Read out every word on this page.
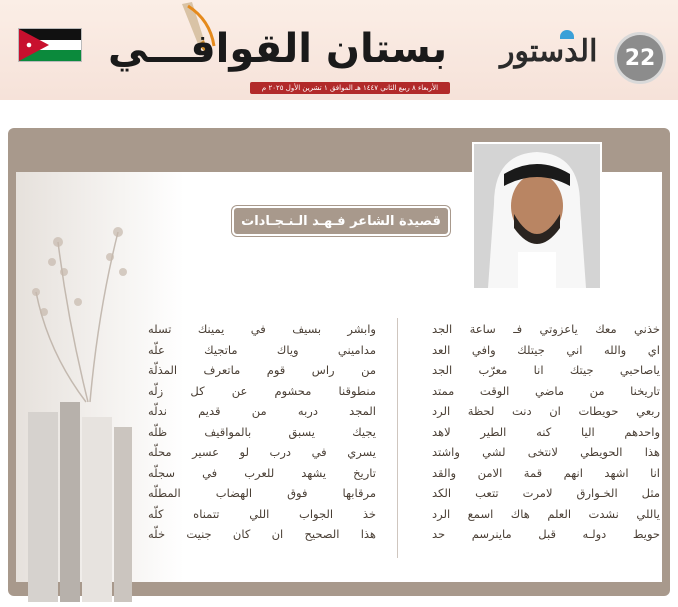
بستان القوافـــي الدستور	22
الأربعاء ٨ ربيع الثاني ١٤٤٧ هـ الموافق ١ تشرين الأول ٢٠٢٥ م
قصيدة الشاعر فـهـد الـنـجـادات
خذني معك ياعزوتي فـ ساعة الجد
اي والله اني جيتلك وافي العد
ياصاحبي جيتك انا معرّب الجد
تاريخنا من ماضي الوقت ممتد
ربعي حويطات ان دنت لحظة الرد
واحدهم اليا كنه الطير لاهد
هذا الحويطي لانتخى لشي واشتد
انا اشهد انهم قمة الامن والقد
مثل الخـوارق لامرت تتعب الكد
ياللي نشدت العلم هاك اسمع الرد
حويط دولـه قبل ماينرسم حد
وابشر بسيف في يمينك تسله
مداميني وياك ماتجيك علّه
من راس قوم ماتعرف المذلّة
منطوقنا محشوم عن كل زلّه
المجد دربه من قديم ندلّه
يجيك يسبق بالمواقيف ظلّه
يسري في درب لو عسير محلّه
تاريخ يشهد للعرب في سجلّه
مرقابها فوق الهضاب المطلّه
خذ الجواب اللي تتمناه كلّه
هذا الصحيح ان كان جنيت خلّه
